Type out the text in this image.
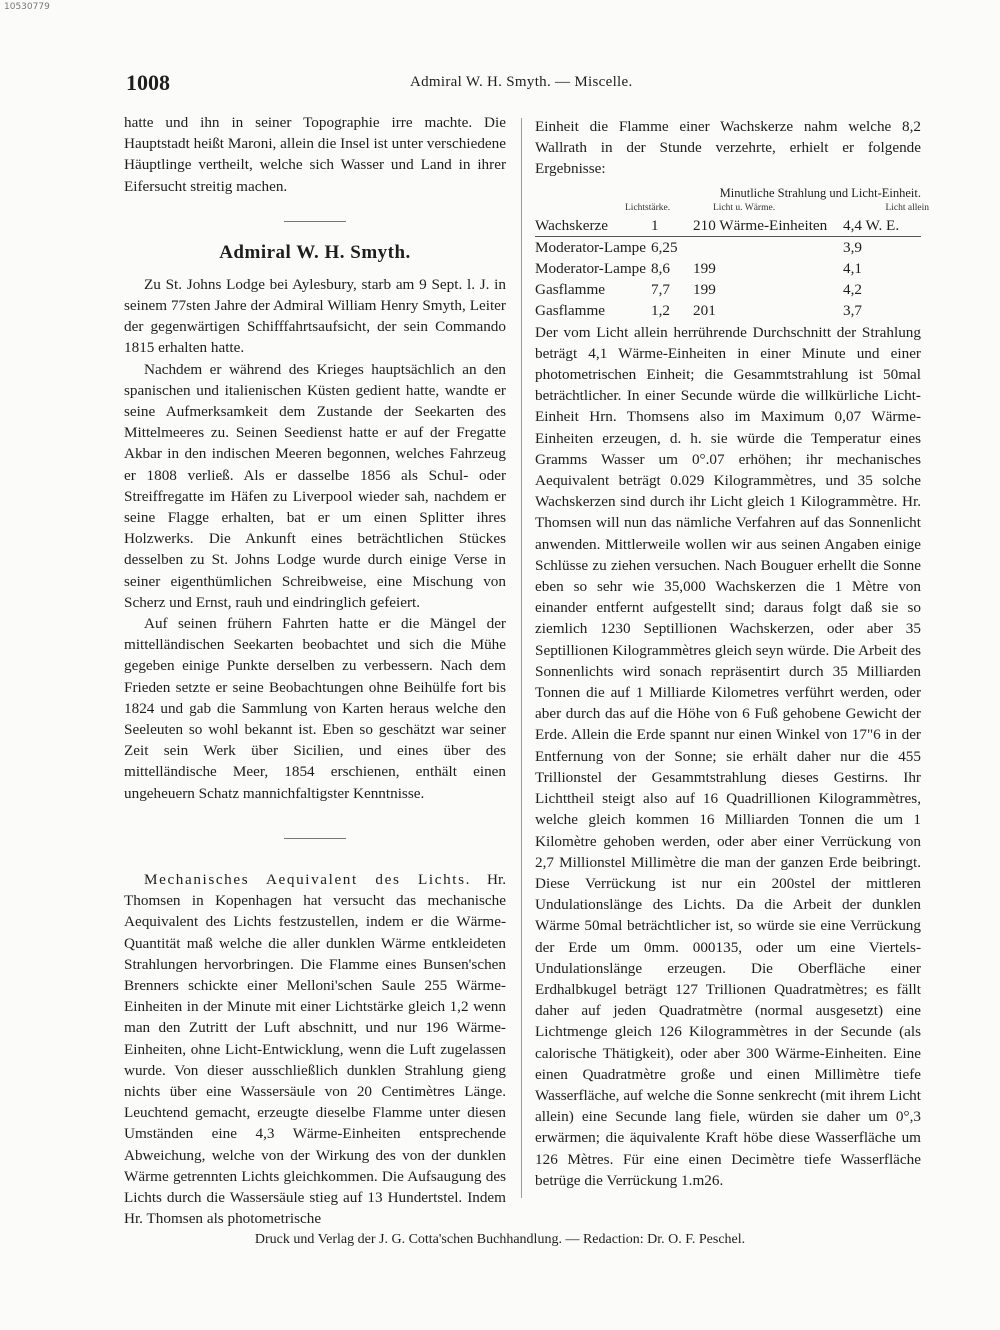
10530779
1008	Admiral W. H. Smyth. — Miscelle.

hatte und ihn in seiner Topographie irre machte. Die Hauptstadt heißt Maroni, allein die Insel ist unter verschiedene Häuptlinge vertheilt, welche sich Wasser und Land in ihrer Eifersucht streitig machen.

Admiral W. H. Smyth.

Zu St. Johns Lodge bei Aylesbury, starb am 9 Sept. l. J. in seinem 77sten Jahre der Admiral William Henry Smyth, Leiter der gegenwärtigen Schifffahrtsaufsicht, der sein Commando 1815 erhalten hatte.

Nachdem er während des Krieges hauptsächlich an den spanischen und italienischen Küsten gedient hatte, wandte er seine Aufmerksamkeit dem Zustande der Seekarten des Mittelmeeres zu. Seinen Seedienst hatte er auf der Fregatte Akbar in den indischen Meeren begonnen, welches Fahrzeug er 1808 verließ. Als er dasselbe 1856 als Schul- oder Streiffregatte im Häfen zu Liverpool wieder sah, nachdem er seine Flagge erhalten, bat er um einen Splitter ihres Holzwerks. Die Ankunft eines beträchtlichen Stückes desselben zu St. Johns Lodge wurde durch einige Verse in seiner eigenthümlichen Schreibweise, eine Mischung von Scherz und Ernst, rauh und eindringlich gefeiert.

Auf seinen frühern Fahrten hatte er die Mängel der mittelländischen Seekarten beobachtet und sich die Mühe gegeben einige Punkte derselben zu verbessern. Nach dem Frieden setzte er seine Beobachtungen ohne Beihülfe fort bis 1824 und gab die Sammlung von Karten heraus welche den Seeleuten so wohl bekannt ist. Eben so geschätzt war seiner Zeit sein Werk über Sicilien, und eines über des mittelländische Meer, 1854 erschienen, enthält einen ungeheuern Schatz mannichfaltigster Kenntnisse.

Mechanisches Aequivalent des Lichts. Hr. Thomsen in Kopenhagen hat versucht das mechanische Aequivalent des Lichts festzustellen, indem er die Wärme-Quantität maß welche die aller dunklen Wärme entkleideten Strahlungen hervorbringen. Die Flamme eines Bunsen'schen Brenners schickte einer Melloni'schen Saule 255 Wärme-Einheiten in der Minute mit einer Lichtstärke gleich 1,2 wenn man den Zutritt der Luft abschnitt, und nur 196 Wärme-Einheiten, ohne Licht-Entwicklung, wenn die Luft zugelassen wurde. Von dieser ausschließlich dunklen Strahlung gieng nichts über eine Wassersäule von 20 Centimètres Länge. Leuchtend gemacht, erzeugte dieselbe Flamme unter diesen Umständen eine 4,3 Wärme-Einheiten entsprechende Abweichung, welche von der Wirkung des von der dunklen Wärme getrennten Lichts gleichkommen. Die Aufsaugung des Lichts durch die Wassersäule stieg auf 13 Hundertstel. Indem Hr. Thomsen als photometrische

Einheit die Flamme einer Wachskerze nahm welche 8,2 Wallrath in der Stunde verzehrte, erhielt er folgende Ergebnisse:

Minutliche Strahlung und Licht-Einheit.
Lichtstärke.	Licht u. Wärme.	Licht allein
Wachskerze	1	210 Wärme-Einheiten	4,4 W. E.
Moderator-Lampe	6,25		3,9
Moderator-Lampe	8,6	199	4,1
Gasflamme	7,7	199	4,2
Gasflamme	1,2	201	3,7

Der vom Licht allein herrührende Durchschnitt der Strahlung beträgt 4,1 Wärme-Einheiten in einer Minute und einer photometrischen Einheit; die Gesammtstrahlung ist 50mal beträchtlicher. In einer Secunde würde die willkürliche Licht-Einheit Hrn. Thomsens also im Maximum 0,07 Wärme-Einheiten erzeugen, d. h. sie würde die Temperatur eines Gramms Wasser um 0°.07 erhöhen; ihr mechanisches Aequivalent beträgt 0.029 Kilogrammètres, und 35 solche Wachskerzen sind durch ihr Licht gleich 1 Kilogrammètre. Hr. Thomsen will nun das nämliche Verfahren auf das Sonnenlicht anwenden. Mittlerweile wollen wir aus seinen Angaben einige Schlüsse zu ziehen versuchen. Nach Bouguer erhellt die Sonne eben so sehr wie 35,000 Wachskerzen die 1 Mètre von einander entfernt aufgestellt sind; daraus folgt daß sie so ziemlich 1230 Septillionen Wachskerzen, oder aber 35 Septillionen Kilogrammètres gleich seyn würde. Die Arbeit des Sonnenlichts wird sonach repräsentirt durch 35 Milliarden Tonnen die auf 1 Milliarde Kilometres verführt werden, oder aber durch das auf die Höhe von 6 Fuß gehobene Gewicht der Erde. Allein die Erde spannt nur einen Winkel von 17"6 in der Entfernung von der Sonne; sie erhält daher nur die 455 Trillionstel der Gesammtstrahlung dieses Gestirns. Ihr Lichttheil steigt also auf 16 Quadrillionen Kilogrammètres, welche gleich kommen 16 Milliarden Tonnen die um 1 Kilomètre gehoben werden, oder aber einer Verrückung von 2,7 Millionstel Millimètre die man der ganzen Erde beibringt. Diese Verrückung ist nur ein 200stel der mittleren Undulationslänge des Lichts. Da die Arbeit der dunklen Wärme 50mal beträchtlicher ist, so würde sie eine Verrückung der Erde um 0mm. 000135, oder um eine Viertels-Undulationslänge erzeugen. Die Oberfläche einer Erdhalbkugel beträgt 127 Trillionen Quadratmètres; es fällt daher auf jeden Quadratmètre (normal ausgesetzt) eine Lichtmenge gleich 126 Kilogrammètres in der Secunde (als calorische Thätigkeit), oder aber 300 Wärme-Einheiten. Eine einen Quadratmètre große und einen Millimètre tiefe Wasserfläche, auf welche die Sonne senkrecht (mit ihrem Licht allein) eine Secunde lang fiele, würden sie daher um 0°,3 erwärmen; die äquivalente Kraft höbe diese Wasserfläche um 126 Mètres. Für eine einen Decimètre tiefe Wasserfläche betrüge die Verrückung 1.m26.

Druck und Verlag der J. G. Cotta'schen Buchhandlung. — Redaction: Dr. O. F. Peschel.
